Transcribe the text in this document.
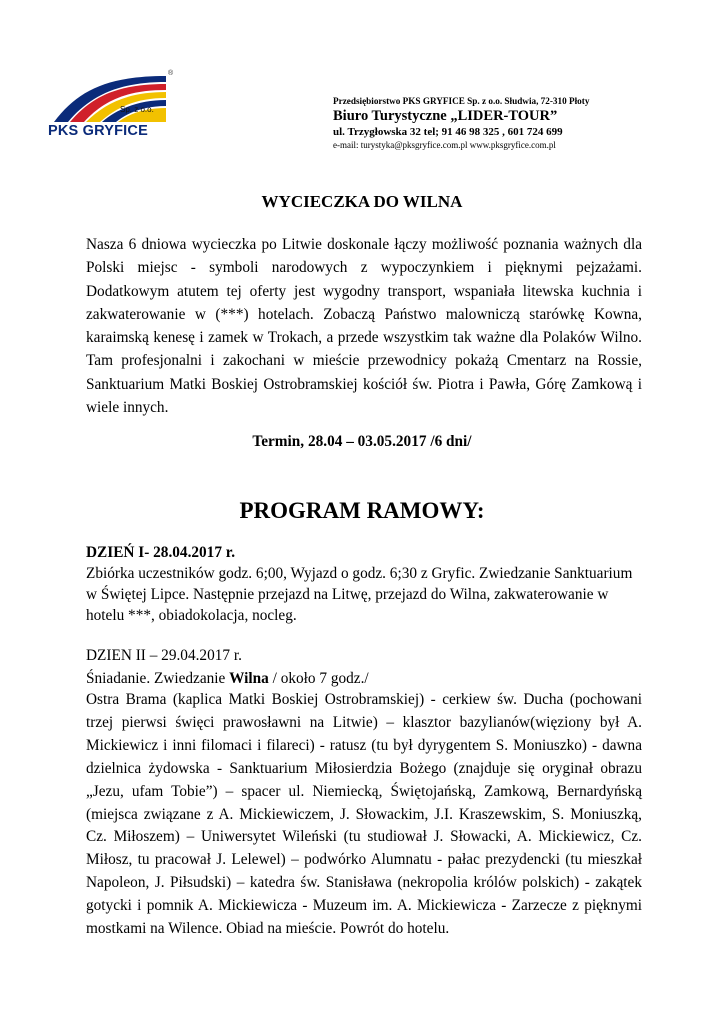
®
Sp. z o.o.
PKS GRYFICE
Przedsiębiorstwo PKS GRYFICE Sp. z o.o. Słudwia, 72-310 Płoty
Biuro Turystyczne „LIDER-TOUR”
ul. Trzygłowska 32 tel; 91 46 98 325 , 601 724 699
e-mail: turystyka@pksgryfice.com.pl www.pksgryfice.com.pl
WYCIECZKA DO WILNA
Nasza 6 dniowa wycieczka po Litwie doskonale łączy możliwość poznania ważnych dla Polski miejsc - symboli narodowych z wypoczynkiem i pięknymi pejzażami. Dodatkowym atutem tej oferty jest wygodny transport, wspaniała litewska kuchnia i zakwaterowanie w (***) hotelach. Zobaczą Państwo malowniczą starówkę Kowna, karaimską kenesę i zamek w Trokach, a przede wszystkim tak ważne dla Polaków Wilno. Tam profesjonalni i zakochani w mieście przewodnicy pokażą Cmentarz na Rossie, Sanktuarium Matki Boskiej Ostrobramskiej kościół św. Piotra i Pawła, Górę Zamkową i wiele innych.
Termin, 28.04 – 03.05.2017 /6 dni/
PROGRAM RAMOWY:
DZIEŃ I- 28.04.2017 r.
Zbiórka uczestników godz. 6;00, Wyjazd o godz. 6;30 z Gryfic. Zwiedzanie Sanktuarium w Świętej Lipce. Następnie przejazd na Litwę, przejazd do Wilna, zakwaterowanie w hotelu ***, obiadokolacja, nocleg.
DZIEN II – 29.04.2017 r.
Śniadanie. Zwiedzanie Wilna / około 7 godz./
Ostra Brama (kaplica Matki Boskiej Ostrobramskiej) - cerkiew św. Ducha (pochowani trzej pierwsi święci prawosławni na Litwie) – klasztor bazylianów(więziony był A. Mickiewicz i inni filomaci i filareci) - ratusz (tu był dyrygentem S. Moniuszko) - dawna dzielnica żydowska - Sanktuarium Miłosierdzia Bożego (znajduje się oryginał obrazu „Jezu, ufam Tobie”) – spacer ul. Niemiecką, Świętojańską, Zamkową, Bernardyńską (miejsca związane z A. Mickiewiczem, J. Słowackim, J.I. Kraszewskim, S. Moniuszką, Cz. Miłoszem) – Uniwersytet Wileński (tu studiował J. Słowacki, A. Mickiewicz, Cz. Miłosz, tu pracował J. Lelewel) – podwórko Alumnatu - pałac prezydencki (tu mieszkał Napoleon, J. Piłsudski) – katedra św. Stanisława (nekropolia królów polskich) - zakątek gotycki i pomnik A. Mickiewicza - Muzeum im. A. Mickiewicza - Zarzecze z pięknymi mostkami na Wilence. Obiad na mieście. Powrót do hotelu.
